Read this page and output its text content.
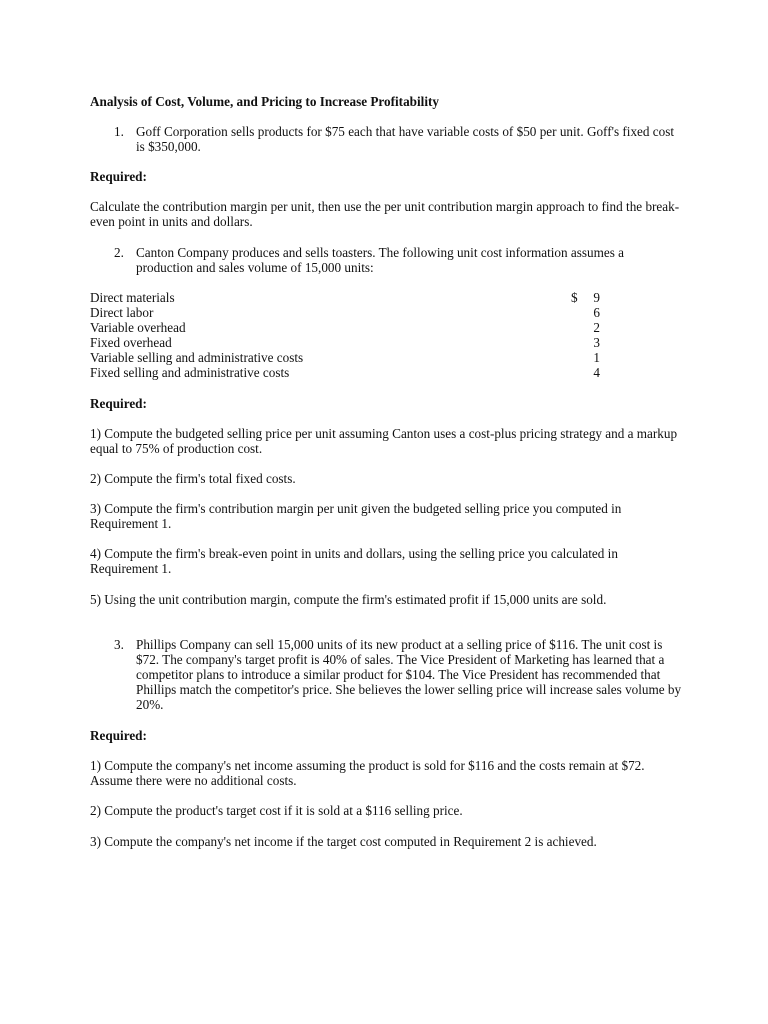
Analysis of Cost, Volume, and Pricing to Increase Profitability
1. Goff Corporation sells products for $75 each that have variable costs of $50 per unit. Goff's fixed cost is $350,000.
Required:
Calculate the contribution margin per unit, then use the per unit contribution margin approach to find the break-even point in units and dollars.
2. Canton Company produces and sells toasters. The following unit cost information assumes a production and sales volume of 15,000 units:
Direct materials	$	9
Direct labor	6
Variable overhead	2
Fixed overhead	3
Variable selling and administrative costs	1
Fixed selling and administrative costs	4
Required:
1) Compute the budgeted selling price per unit assuming Canton uses a cost-plus pricing strategy and a markup equal to 75% of production cost.
2) Compute the firm's total fixed costs.
3) Compute the firm's contribution margin per unit given the budgeted selling price you computed in Requirement 1.
4) Compute the firm's break-even point in units and dollars, using the selling price you calculated in Requirement 1.
5) Using the unit contribution margin, compute the firm's estimated profit if 15,000 units are sold.
3. Phillips Company can sell 15,000 units of its new product at a selling price of $116. The unit cost is $72. The company's target profit is 40% of sales. The Vice President of Marketing has learned that a competitor plans to introduce a similar product for $104. The Vice President has recommended that Phillips match the competitor's price. She believes the lower selling price will increase sales volume by 20%.
Required:
1) Compute the company's net income assuming the product is sold for $116 and the costs remain at $72. Assume there were no additional costs.
2) Compute the product's target cost if it is sold at a $116 selling price.
3) Compute the company's net income if the target cost computed in Requirement 2 is achieved.
